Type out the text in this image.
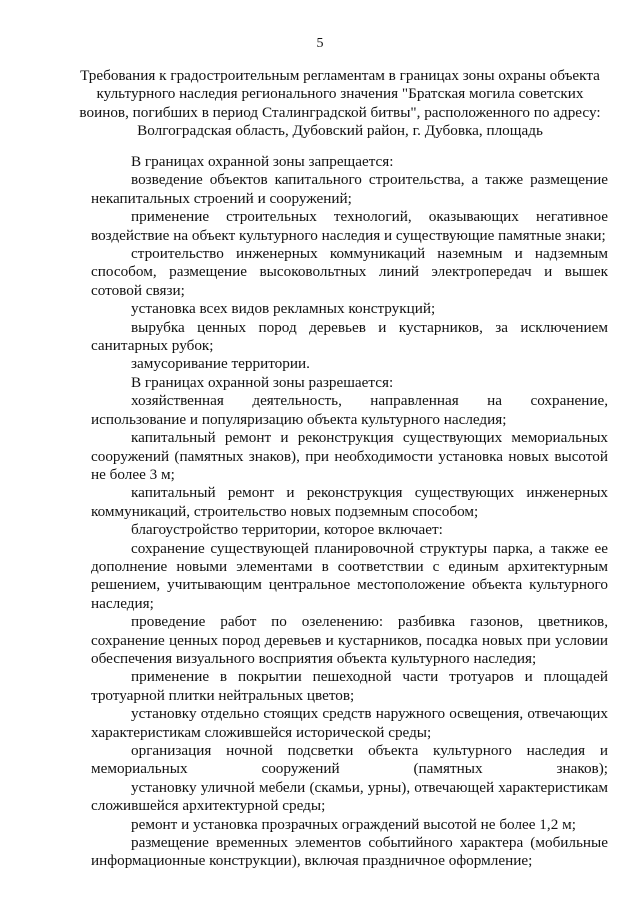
5
Требования к градостроительным регламентам в границах зоны охраны объекта
культурного наследия регионального значения "Братская могила советских
воинов, погибших в период Сталинградской битвы", расположенного по адресу:
Волгоградская область, Дубовский район, г. Дубовка, площадь

В границах охранной зоны запрещается:

возведение объектов капитального строительства, а также размещение некапитальных строений и сооружений;

применение строительных технологий, оказывающих негативное воздействие на объект культурного наследия и существующие памятные знаки;

строительство инженерных коммуникаций наземным и надземным способом, размещение высоковольтных линий электропередач и вышек сотовой связи;

установка всех видов рекламных конструкций;

вырубка ценных пород деревьев и кустарников, за исключением санитарных рубок;

замусоривание территории.

В границах охранной зоны разрешается:

хозяйственная деятельность, направленная на сохранение, использование и популяризацию объекта культурного наследия;

капитальный ремонт и реконструкция существующих мемориальных сооружений (памятных знаков), при необходимости установка новых высотой не более 3 м;

капитальный ремонт и реконструкция существующих инженерных коммуникаций, строительство новых подземным способом;

благоустройство территории, которое включает:

сохранение существующей планировочной структуры парка, а также ее дополнение новыми элементами в соответствии с единым архитектурным решением, учитывающим центральное местоположение объекта культурного наследия;

проведение работ по озеленению: разбивка газонов, цветников, сохранение ценных пород деревьев и кустарников, посадка новых при условии обеспечения визуального восприятия объекта культурного наследия;

применение в покрытии пешеходной части тротуаров и площадей тротуарной плитки нейтральных цветов;

установку отдельно стоящих средств наружного освещения, отвечающих характеристикам сложившейся исторической среды;

организация ночной подсветки объекта культурного наследия и мемориальных сооружений (памятных знаков);

установку уличной мебели (скамьи, урны), отвечающей характеристикам сложившейся архитектурной среды;

ремонт и установка прозрачных ограждений высотой не более 1,2 м;

размещение временных элементов событийного характера (мобильные информационные конструкции), включая праздничное оформление;
